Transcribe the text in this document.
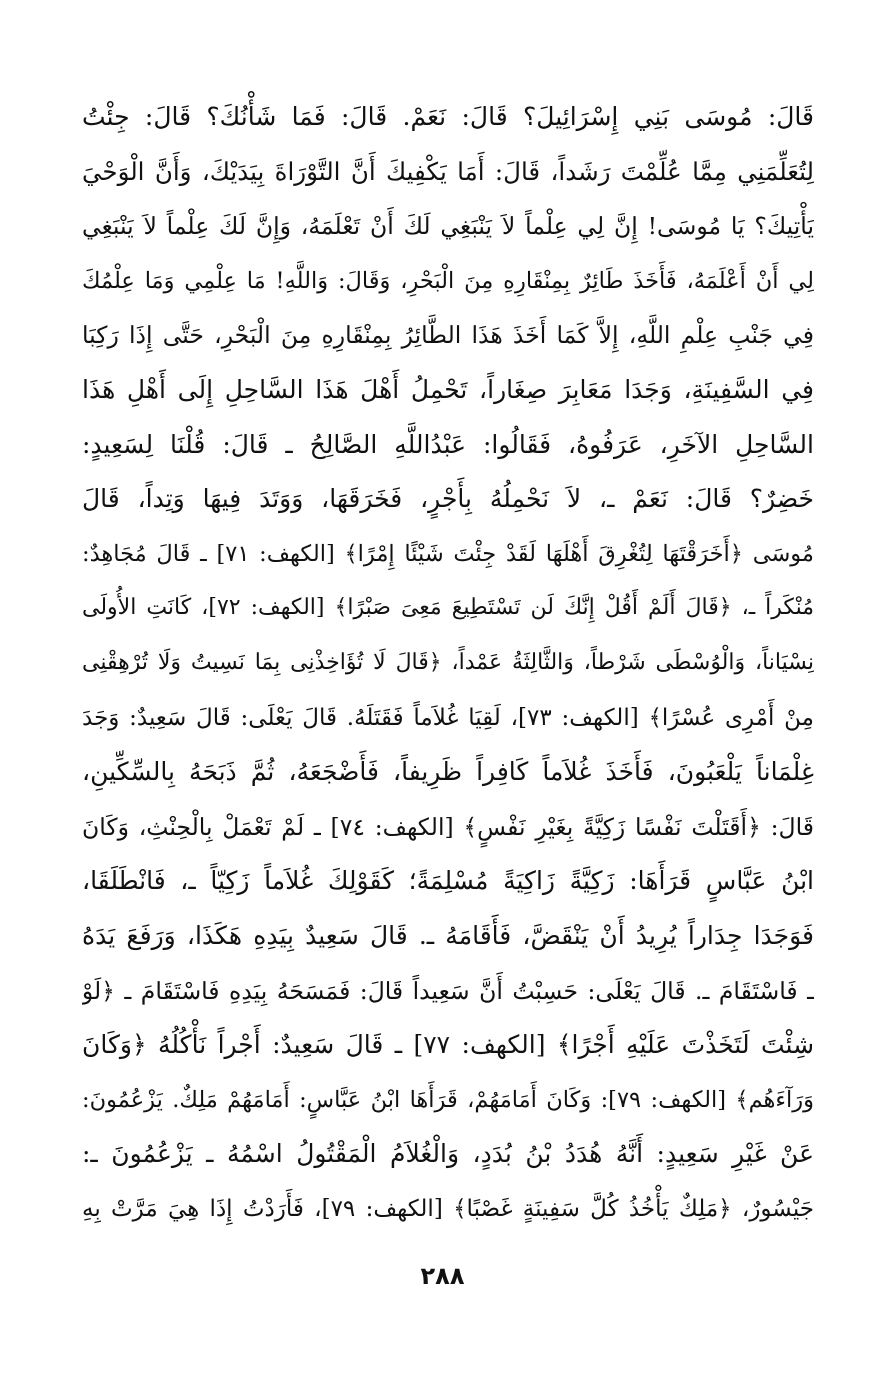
قَالَ: مُوسَى بَنِي إِسْرَائِيلَ؟ قَالَ: نَعَمْ. قَالَ: فَمَا شَأْنُكَ؟ قَالَ: جِئْتُ
لِتُعَلِّمَنِي مِمَّا عُلِّمْتَ رَشَداً، قَالَ: أَمَا يَكْفِيكَ أَنَّ التَّوْرَاةَ بِيَدَيْكَ، وَأَنَّ الْوَحْيَ
يَأْتِيكَ؟ يَا مُوسَى! إِنَّ لِي عِلْماً لاَ يَنْبَغِي لَكَ أَنْ تَعْلَمَهُ، وَإِنَّ لَكَ عِلْماً لاَ يَنْبَغِي
لِي أَنْ أَعْلَمَهُ، فَأَخَذَ طَائِرٌ بِمِنْقَارِهِ مِنَ الْبَحْرِ، وَقَالَ: وَاللَّهِ! مَا عِلْمِي وَمَا عِلْمُكَ
فِي جَنْبِ عِلْمِ اللَّهِ، إِلاَّ كَمَا أَخَذَ هَذَا الطَّائِرُ بِمِنْقَارِهِ مِنَ الْبَحْرِ، حَتَّى إِذَا رَكِبَا
فِي السَّفِينَةِ، وَجَدَا مَعَابِرَ صِغَاراً، تَحْمِلُ أَهْلَ هَذَا السَّاحِلِ إِلَى أَهْلِ هَذَا
السَّاحِلِ الآخَرِ، عَرَفُوهُ، فَقَالُوا: عَبْدُاللَّهِ الصَّالِحُ ـ قَالَ: قُلْنَا لِسَعِيدٍ:
خَضِرٌ؟ قَالَ: نَعَمْ ـ، لاَ نَحْمِلُهُ بِأَجْرٍ، فَخَرَقَهَا، وَوَتَدَ فِيهَا وَتِداً، قَالَ
مُوسَى ﴿أَخَرَقْتَهَا لِتُغْرِقَ أَهْلَهَا لَقَدْ جِئْتَ شَيْئًا إِمْرًا﴾ [الكهف: ٧١] ـ قَالَ مُجَاهِدٌ:
مُنْكَراً ـ، ﴿قَالَ أَلَمْ أَقُلْ إِنَّكَ لَن تَسْتَطِيعَ مَعِىَ صَبْرًا﴾ [الكهف: ٧٢]، كَانَتِ الأُولَى
نِسْيَاناً، وَالْوُسْطَى شَرْطاً، وَالثَّالِثَةُ عَمْداً، ﴿قَالَ لَا تُؤَاخِذْنِى بِمَا نَسِيتُ وَلَا تُرْهِقْنِى
مِنْ أَمْرِى عُسْرًا﴾ [الكهف: ٧٣]، لَقِيَا غُلاَماً فَقَتَلَهُ. قَالَ يَعْلَى: قَالَ سَعِيدٌ: وَجَدَ
غِلْمَاناً يَلْعَبُونَ، فَأَخَذَ غُلاَماً كَافِراً ظَرِيفاً، فَأَضْجَعَهُ، ثُمَّ ذَبَحَهُ بِالسِّكِّينِ،
قَالَ: ﴿أَقَتَلْتَ نَفْسًا زَكِيَّةً بِغَيْرِ نَفْسٍ﴾ [الكهف: ٧٤] ـ لَمْ تَعْمَلْ بِالْحِنْثِ، وَكَانَ
ابْنُ عَبَّاسٍ قَرَأَهَا: زَكِيَّةً زَاكِيَةً مُسْلِمَةً؛ كَقَوْلِكَ غُلاَماً زَكِيّاً ـ، فَانْطَلَقَا،
فَوَجَدَا جِدَاراً يُرِيدُ أَنْ يَنْقَضَّ، فَأَقَامَهُ ـ. قَالَ سَعِيدٌ بِيَدِهِ هَكَذَا، وَرَفَعَ يَدَهُ
ـ فَاسْتَقَامَ ـ. قَالَ يَعْلَى: حَسِبْتُ أَنَّ سَعِيداً قَالَ: فَمَسَحَهُ بِيَدِهِ فَاسْتَقَامَ ـ ﴿لَوْ
شِئْتَ لَتَخَذْتَ عَلَيْهِ أَجْرًا﴾ [الكهف: ٧٧] ـ قَالَ سَعِيدٌ: أَجْراً نَأْكُلُهُ ﴿وَكَانَ
وَرَآءَهُم﴾ [الكهف: ٧٩]: وَكَانَ أَمَامَهُمْ، قَرَأَهَا ابْنُ عَبَّاسٍ: أَمَامَهُمْ مَلِكٌ. يَزْعُمُونَ:
عَنْ غَيْرِ سَعِيدٍ: أَنَّهُ هُدَدُ بْنُ بُدَدٍ، وَالْغُلاَمُ الْمَقْتُولُ اسْمُهُ ـ يَزْعُمُونَ ـ:
جَيْسُورٌ، ﴿مَلِكٌ يَأْخُذُ كُلَّ سَفِينَةٍ غَصْبًا﴾ [الكهف: ٧٩]، فَأَرَدْتُ إِذَا هِيَ مَرَّتْ بِهِ
٢٨٨
